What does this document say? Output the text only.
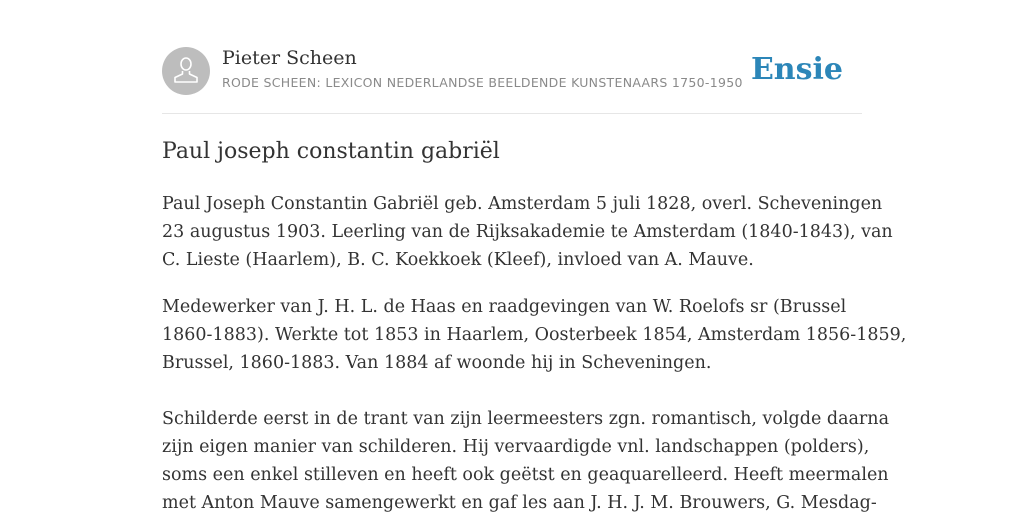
Pieter Scheen
RODE SCHEEN: LEXICON NEDERLANDSE BEELDENDE KUNSTENAARS 1750-1950 Ensie
Paul joseph constantin gabriël

Paul Joseph Constantin Gabriël geb. Amsterdam 5 juli 1828, overl. Scheveningen
23 augustus 1903. Leerling van de Rijksakademie te Amsterdam (1840-1843), van
C. Lieste (Haarlem), B. C. Koekkoek (Kleef), invloed van A. Mauve.

Medewerker van J. H. L. de Haas en raadgevingen van W. Roelofs sr (Brussel
1860-1883). Werkte tot 1853 in Haarlem, Oosterbeek 1854, Amsterdam 1856-1859,
Brussel, 1860-1883. Van 1884 af woonde hij in Scheveningen.

Schilderde eerst in de trant van zijn leermeesters zgn. romantisch, volgde daarna
zijn eigen manier van schilderen. Hij vervaardigde vnl. landschappen (polders),
soms een enkel stilleven en heeft ook geëtst en geaquarelleerd. Heeft meermalen
met Anton Mauve samengewerkt en gaf les aan J. H. J. M. Brouwers, G. Mesdag-
